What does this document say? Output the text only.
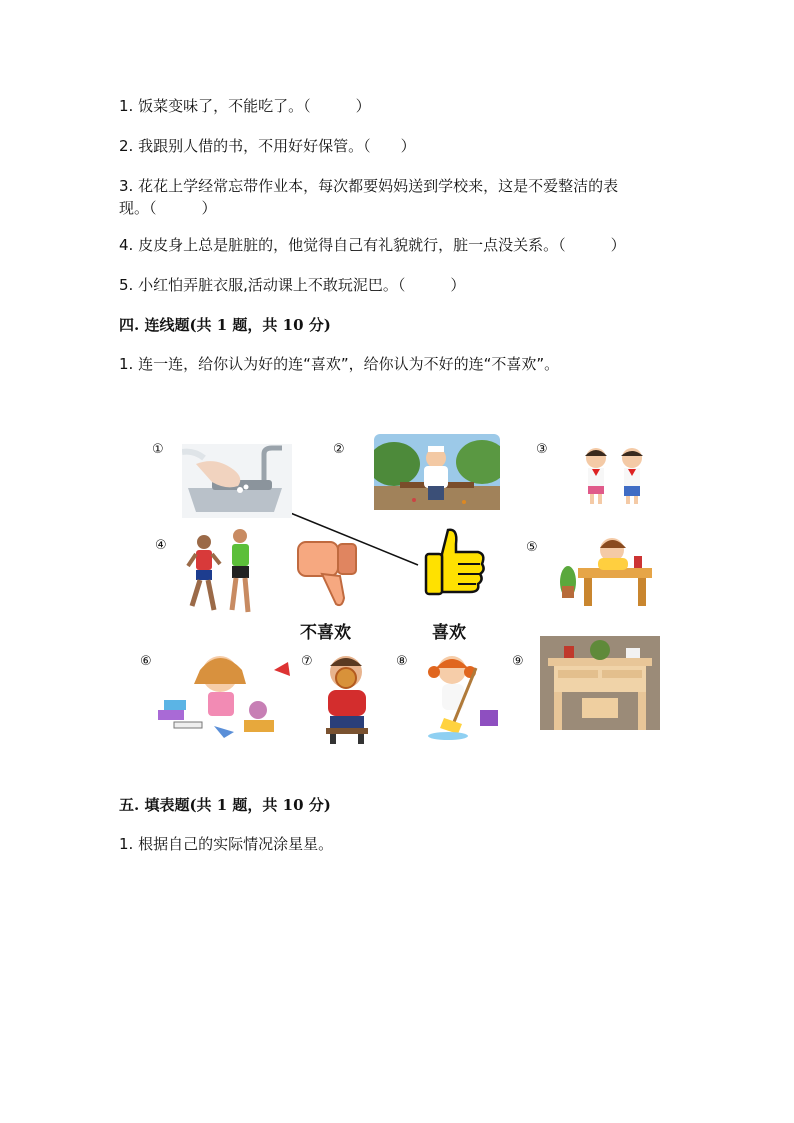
1. 饭菜变味了，不能吃了。（　　　）
2. 我跟别人借的书，不用好好保管。（　　）
3. 花花上学经常忘带作业本，每次都要妈妈送到学校来，这是不爱整洁的表
现。（　　　）
4. 皮皮身上总是脏脏的，他觉得自己有礼貌就行，脏一点没关系。（　　　）
5. 小红怕弄脏衣服,活动课上不敢玩泥巴。（　　　）
四. 连线题(共 1 题，共 10 分)
1. 连一连，给你认为好的连“喜欢”，给你认为不好的连“不喜欢”。
①	②	③
④	⑤
⑥	⑦	⑧	⑨
不喜欢	喜欢
五. 填表题(共 1 题，共 10 分)
1. 根据自己的实际情况涂星星。
